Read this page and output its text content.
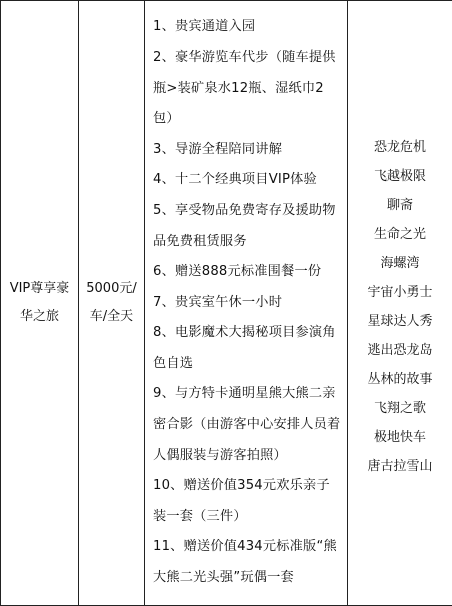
VIP尊享豪华之旅

5000元/车/全天

1、贵宾通道入园
2、豪华游览车代步（随车提供瓶>装矿泉水12瓶、湿纸巾2包）
3、导游全程陪同讲解
4、十二个经典项目VIP体验
5、享受物品免费寄存及援助物品免费租赁服务
6、赠送888元标准围餐一份
7、贵宾室午休一小时
8、电影魔术大揭秘项目参演角色自选
9、与方特卡通明星熊大熊二亲密合影（由游客中心安排人员着人偶服装与游客拍照）
10、赠送价值354元欢乐亲子装一套（三件）
11、赠送价值434元标准版“熊大熊二光头强”玩偶一套

恐龙危机
飞越极限
聊斋
生命之光
海螺湾
宇宙小勇士
星球达人秀
逃出恐龙岛
丛林的故事
飞翔之歌
极地快车
唐古拉雪山
